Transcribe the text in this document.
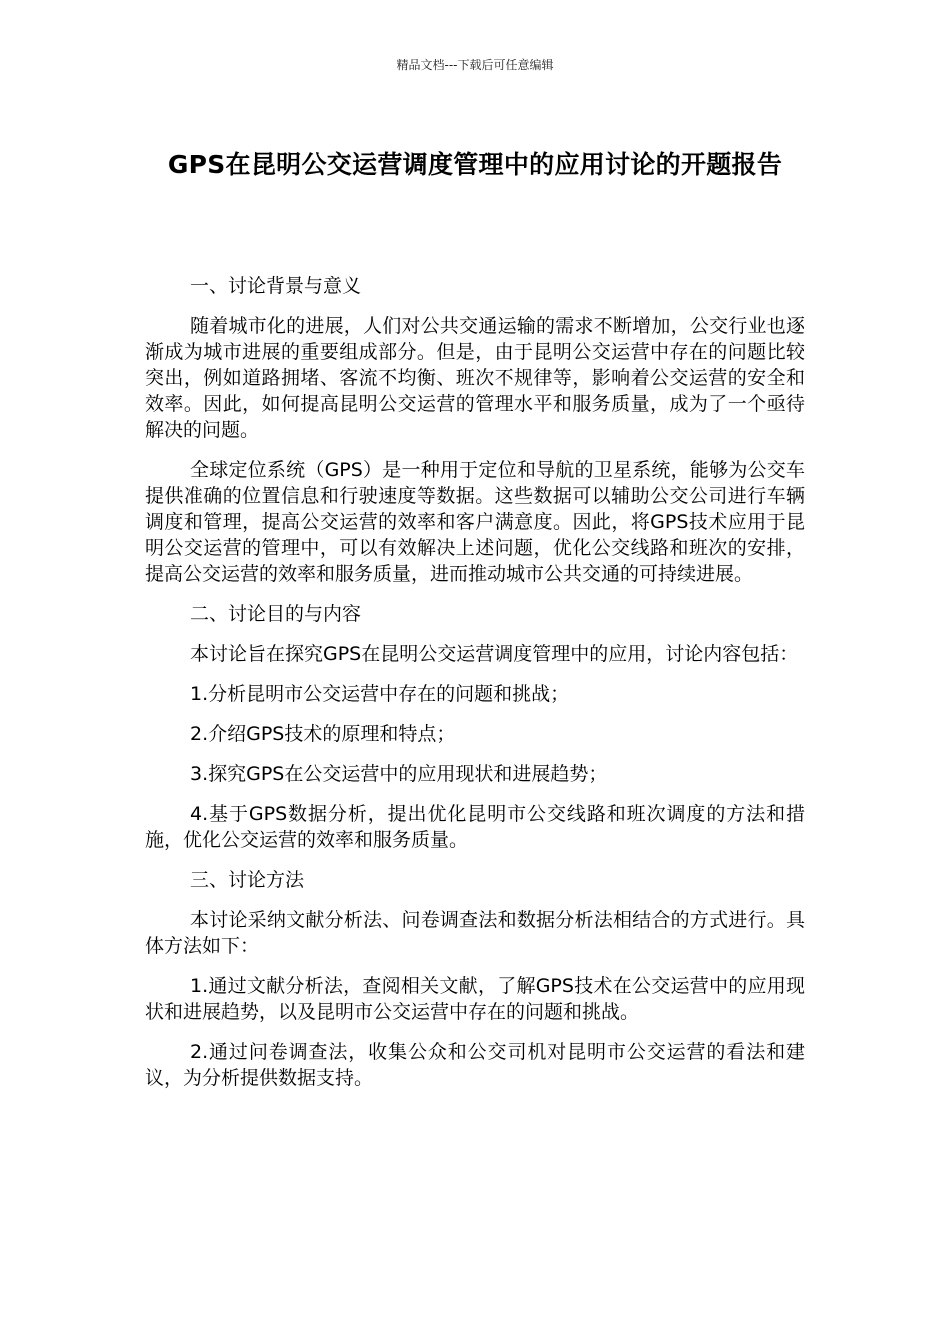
精品文档---下载后可任意编辑
GPS在昆明公交运营调度管理中的应用讨论的开题报告

一、讨论背景与意义

随着城市化的进展，人们对公共交通运输的需求不断增加，公交行业也逐渐成为城市进展的重要组成部分。但是，由于昆明公交运营中存在的问题比较突出，例如道路拥堵、客流不均衡、班次不规律等，影响着公交运营的安全和效率。因此，如何提高昆明公交运营的管理水平和服务质量，成为了一个亟待解决的问题。

全球定位系统（GPS）是一种用于定位和导航的卫星系统，能够为公交车提供准确的位置信息和行驶速度等数据。这些数据可以辅助公交公司进行车辆调度和管理，提高公交运营的效率和客户满意度。因此，将GPS技术应用于昆明公交运营的管理中，可以有效解决上述问题，优化公交线路和班次的安排，提高公交运营的效率和服务质量，进而推动城市公共交通的可持续进展。

二、讨论目的与内容

本讨论旨在探究GPS在昆明公交运营调度管理中的应用，讨论内容包括：

1.分析昆明市公交运营中存在的问题和挑战；

2.介绍GPS技术的原理和特点；

3.探究GPS在公交运营中的应用现状和进展趋势；

4.基于GPS数据分析，提出优化昆明市公交线路和班次调度的方法和措施，优化公交运营的效率和服务质量。

三、讨论方法

本讨论采纳文献分析法、问卷调查法和数据分析法相结合的方式进行。具体方法如下：

1.通过文献分析法，查阅相关文献，了解GPS技术在公交运营中的应用现状和进展趋势，以及昆明市公交运营中存在的问题和挑战。

2.通过问卷调查法，收集公众和公交司机对昆明市公交运营的看法和建议，为分析提供数据支持。
